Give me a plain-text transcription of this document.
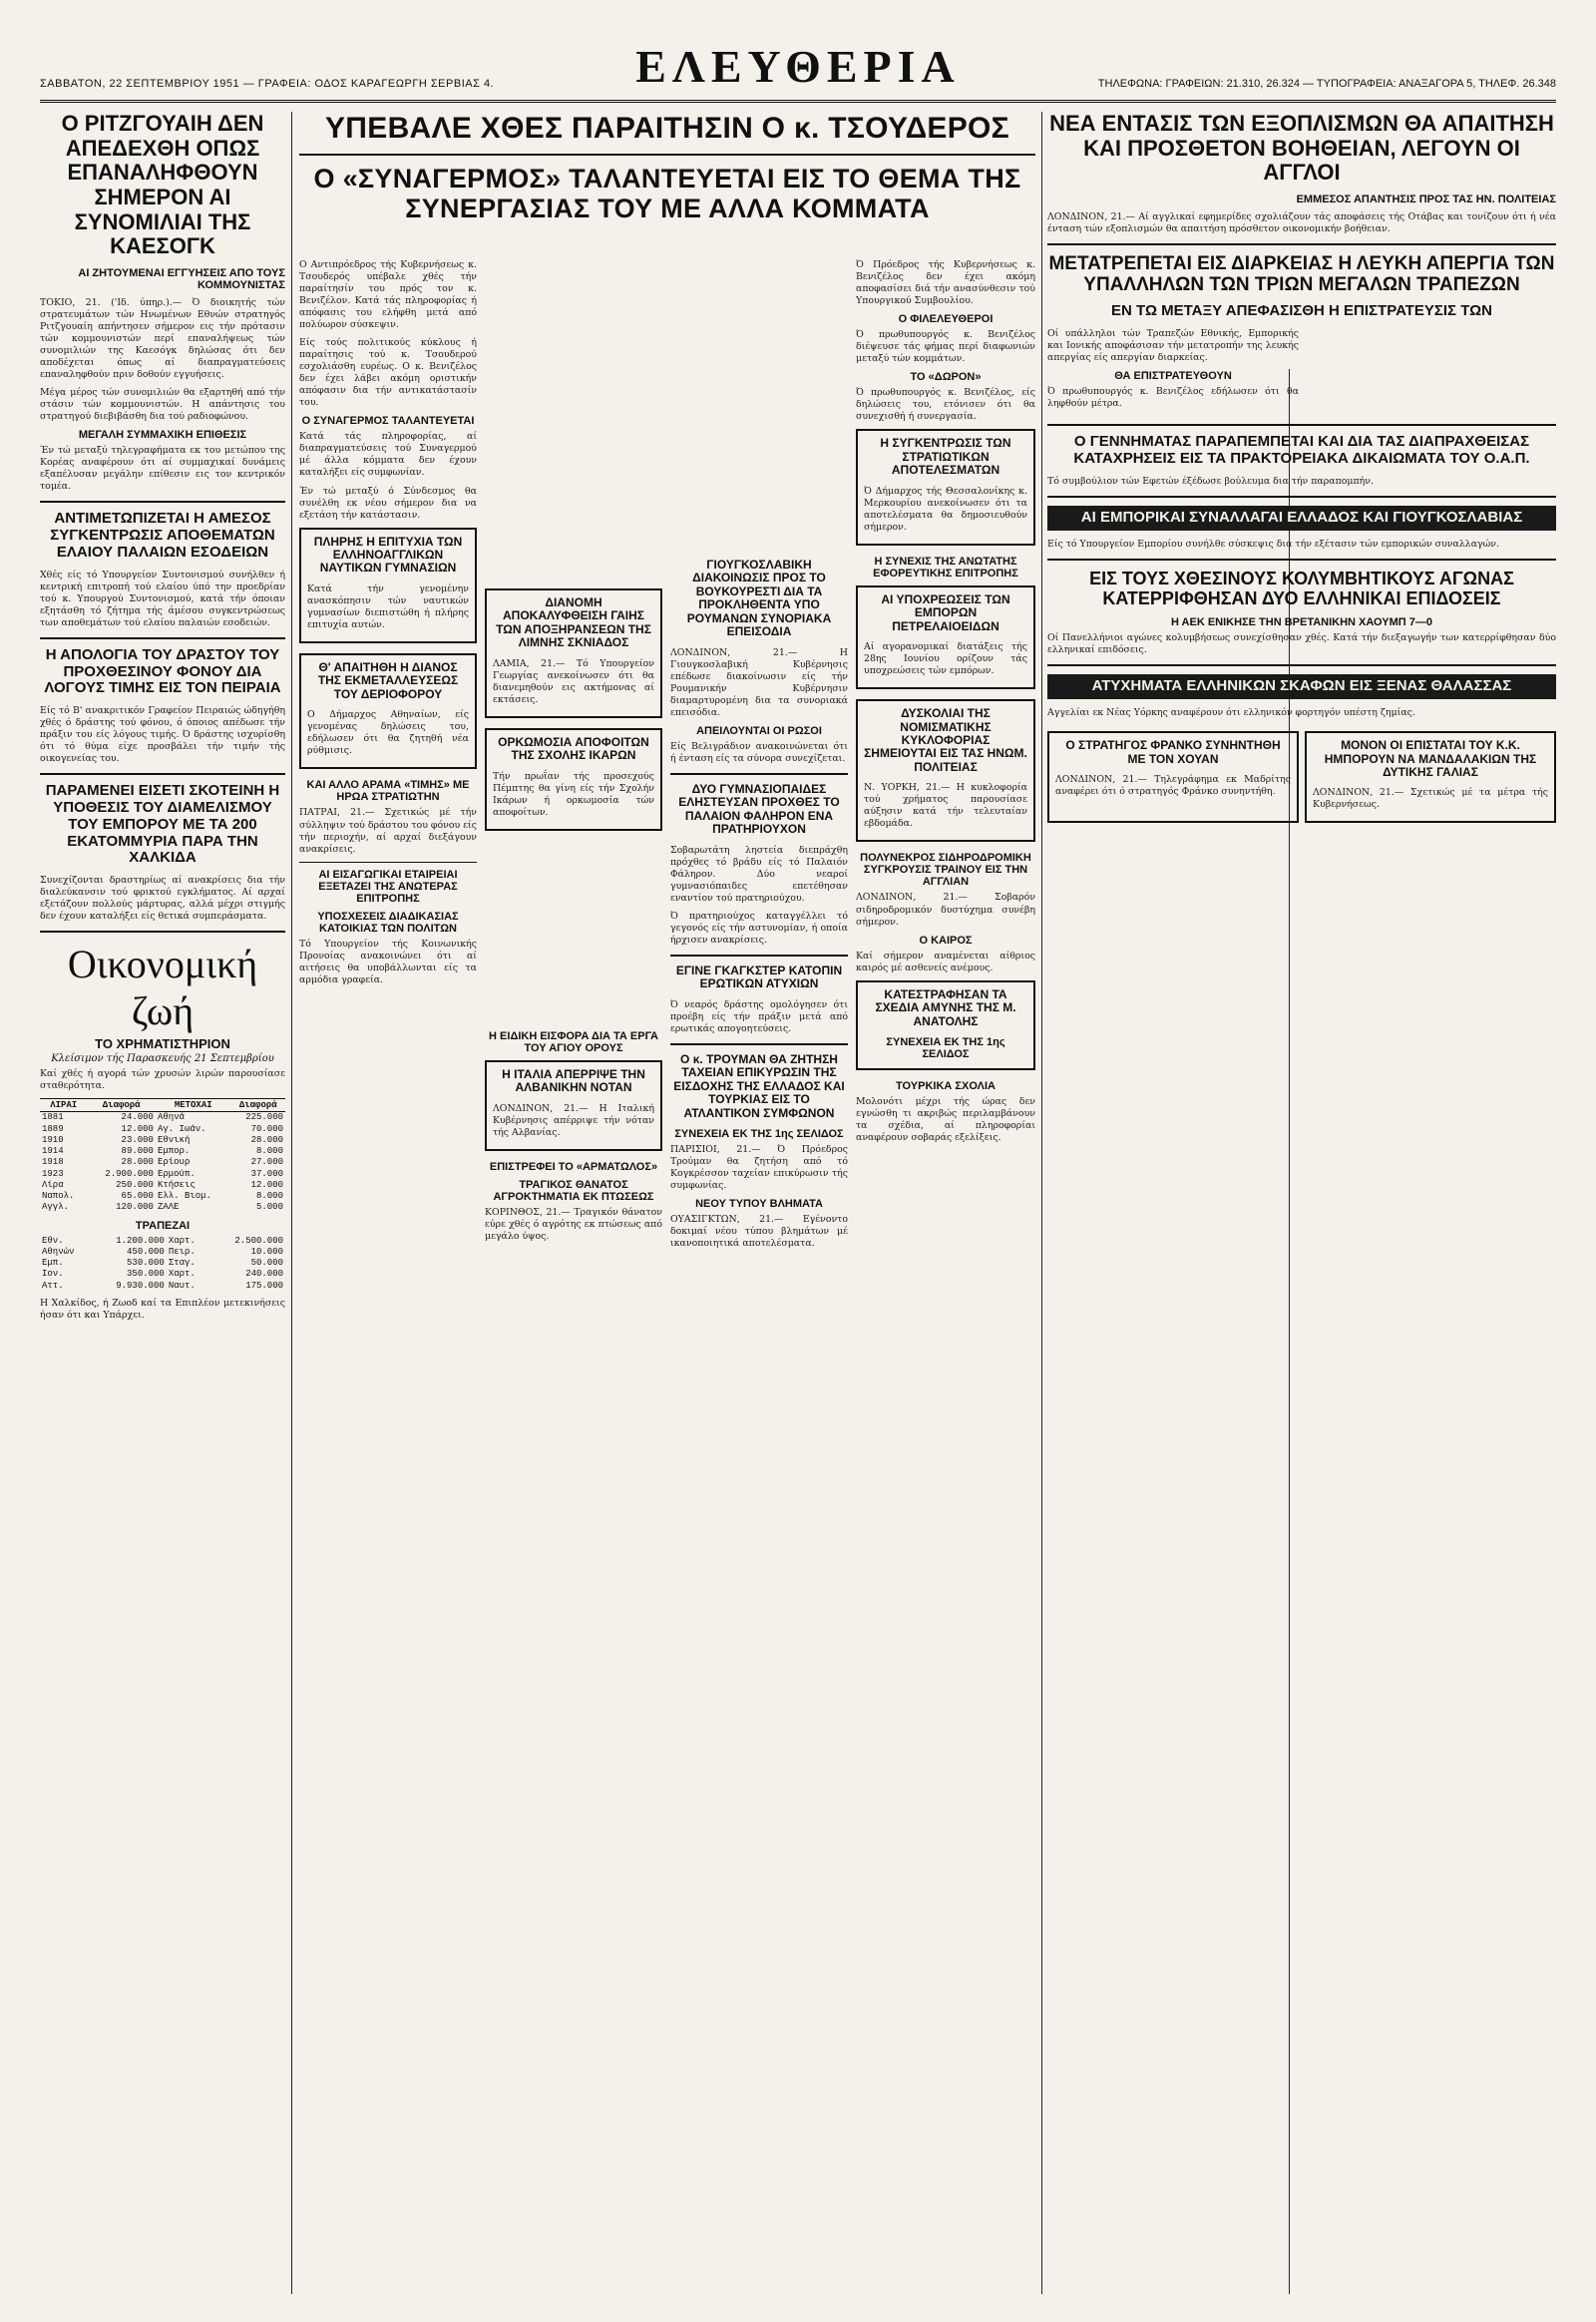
ΣΑΒΒΑΤΟΝ, 22 ΣΕΠΤΕΜΒΡΙΟΥ 1951 — ΓΡΑΦΕΙΑ: ΟΔΟΣ ΚΑΡΑΓΕΩΡΓΗ ΣΕΡΒΙΑΣ 4.	ΕΛΕΥΘΕΡΙΑ	ΤΗΛΕΦΩΝΑ: ΓΡΑΦΕΙΩΝ: 21.310, 26.324 — ΤΥΠΟΓΡΑΦΕΙΑ: ΑΝΑΞΑΓΟΡΑ 5, ΤΗΛΕΦ. 26.348
Ο ΡΙΤΖΓΟΥΑΙΗ ΔΕΝ ΑΠΕΔΕΧΘΗ ΟΠΩΣ ΕΠΑΝΑΛΗΦΘΟΥΝ ΣΗΜΕΡΟΝ ΑΙ ΣΥΝΟΜΙΛΙΑΙ ΤΗΣ ΚΑΕΣΟΓΚ
ΑΙ ΖΗΤΟΥΜΕΝΑΙ ΕΓΓΥΗΣΕΙΣ ΑΠΟ ΤΟΥΣ ΚΟΜΜΟΥΝΙΣΤΑΣ

ΤΟΚΙΟ, 21. ('Ιδ. ύπηρ.).— Ό διοικητής τών στρατευμάτων τών Ηνωμένων Εθνών στρατηγός Ριτζγουαίη απήντησεν σήμερον εις τήν πρότασιν τών κομμουνιστών περί επαναλήψεως τών συνομιλιών της Καεσόγκ δηλώσας ότι δεν αποδέχεται όπως αί διαπραγματεύσεις επαναληφθούν πριν δοθούν εγγυήσεις.

Μέγα μέρος τών συνομιλιών θα εξαρτηθή από τήν στάσιν τών κομμουνιστών. Η απάντησις του στρατηγού διεβιβάσθη δια τού ραδιοφώνου.

ΜΕΓΑΛΗ ΣΥΜΜΑΧΙΚΗ ΕΠΙΘΕΣΙΣ

Έν τώ μεταξύ τηλεγραφήματα εκ του μετώπου της Κορέας αναφέρουν ότι αί συμμαχικαί δυνάμεις εξαπέλυσαν μεγάλην επίθεσιν εις τον κεντρικόν τομέα.

ΑΝΤΙΜΕΤΩΠΙΖΕΤΑΙ Η ΑΜΕΣΟΣ ΣΥΓΚΕΝΤΡΩΣΙΣ ΑΠΟΘΕΜΑΤΩΝ ΕΛΑΙΟΥ ΠΑΛΑΙΩΝ ΕΣΟΔΕΙΩΝ

Χθές είς τό Υπουργείον Συντονισμού συνήλθεν ή κεντρική επιτροπή τού ελαίου ύπό την προεδρίαν τού κ. Υπουργού Συντονισμού, κατά τήν όποιαν εξητάσθη τό ζήτημα τής άμέσου συγκεντρώσεως των αποθεμάτων τού ελαίου παλαιών εσοδειών.

Η ΑΠΟΛΟΓΙΑ ΤΟΥ ΔΡΑΣΤΟΥ ΤΟΥ ΠΡΟΧΘΕΣΙΝΟΥ ΦΟΝΟΥ ΔΙΑ ΛΟΓΟΥΣ ΤΙΜΗΣ ΕΙΣ ΤΟΝ ΠΕΙΡΑΙΑ

Είς τό Β' ανακριτικόν Γραφείον Πειραιώς ώδηγήθη χθές ό δράστης τού φόνου, ό όποιος απέδωσε τήν πράξιν του είς λόγους τιμής. Ό δράστης ισχυρίσθη ότι τό θύμα είχε προσβάλει τήν τιμήν τής οικογενείας του.

ΠΑΡΑΜΕΝΕΙ ΕΙΣΕΤΙ ΣΚΟΤΕΙΝΗ Η ΥΠΟΘΕΣΙΣ ΤΟΥ ΔΙΑΜΕΛΙΣΜΟΥ ΤΟΥ ΕΜΠΟΡΟΥ ΜΕ ΤΑ 200 ΕΚΑΤΟΜΜΥΡΙΑ ΠΑΡΑ ΤΗΝ ΧΑΛΚΙΔΑ

Συνεχίζονται δραστηρίως αί ανακρίσεις δια τήν διαλεύκανσιν τού φρικτού εγκλήματος. Αί αρχαί εξετάζουν πολλούς μάρτυρας, αλλά μέχρι στιγμής δεν έχουν καταλήξει είς θετικά συμπεράσματα.

Οικονομική ζωή
ΤΟ ΧΡΗΜΑΤΙΣΤΗΡΙΟΝ
Κλείσιμον τής Παρασκευής 21 Σεπτεμβρίου

Καί χθές ή αγορά τών χρυσών λιρών παρουσίασε σταθερότητα.

ΛΙΡΑΙ	Διαφορά	ΜΕΤΟΧΑΙ	Διαφορά
1881	24.000	Αθηνά	225.000
1889	12.000	Αγ. Ιωάν.	70.000
1910	23.000	Εθνική	28.000
1914	89.000	Εμπορ.	8.000
1918	28.000	Ερίουρ	27.000
1923	2.900.000	Ερμούπ.	37.000
Λίρα	250.000	Κτήσεις	12.000
Ναπολ.	65.000	Ελλ. Βιομ.	8.000
Αγγλ.	120.000	ΖΑΛΕ	5.000
ΤΡΑΠΕΖΑΙ
Εθν.	1.200.000	Χαρτ.	2.500.000
Αθηνών	450.000	Πειρ.	10.000
Εμπ.	530.000	Σταγ.	50.000
Ιον.	350.000	Χαρτ.	240.000
Αττ.	9.930.000	Ναυτ.	175.000

Η Χαλκίδος, ή Ζωοδ καί τα Επιπλέον μετεκινήσεις ήσαν ότι και Υπάρχει.

ΥΠΕΒΑΛΕ ΧΘΕΣ ΠΑΡΑΙΤΗΣΙΝ Ο κ. ΤΣΟΥΔΕΡΟΣ
Ο «ΣΥΝΑΓΕΡΜΟΣ» ΤΑΛΑΝΤΕΥΕΤΑΙ ΕΙΣ ΤΟ ΘΕΜΑ ΤΗΣ ΣΥΝΕΡΓΑΣΙΑΣ ΤΟΥ ΜΕ ΑΛΛΑ ΚΟΜΜΑΤΑ

Ο Αντιπρόεδρος τής Κυβερνήσεως κ. Τσουδερός υπέβαλε χθές τήν παραίτησίν του πρός τον κ. Βενιζέλον. Κατά τάς πληροφορίας ή απόφασις του ελήφθη μετά από πολύωρον σύσκεψιν.

Είς τούς πολιτικούς κύκλους ή παραίτησις τού κ. Τσουδερού εσχολιάσθη ευρέως. Ο κ. Βενιζέλος δεν έχει λάβει ακόμη οριστικήν απόφασιν δια τήν αντικατάστασίν του.

Ο ΣΥΝΑΓΕΡΜΟΣ ΤΑΛΑΝΤΕΥΕΤΑΙ

Κατά τάς πληροφορίας, αί διαπραγματεύσεις τού Συναγερμού μέ άλλα κόμματα δεν έχουν καταλήξει είς συμφωνίαν.

Έν τώ μεταξύ ό Σύνδεσμος θα συνέλθη εκ νέου σήμερον δια να εξετάση τήν κατάστασιν.

ΠΛΗΡΗΣ Η ΕΠΙΤΥΧΙΑ ΤΩΝ ΕΛΛΗΝΟΑΓΓΛΙΚΩΝ ΝΑΥΤΙΚΩΝ ΓΥΜΝΑΣΙΩΝ

Κατά τήν γενομένην ανασκόπησιν τών ναυτικών γυμνασίων διεπιστώθη ή πλήρης επιτυχία αυτών.

Θ' ΑΠΑΙΤΗΘΗ Η ΔΙΑΝΟΣ ΤΗΣ ΕΚΜΕΤΑΛΛΕΥΣΕΩΣ ΤΟΥ ΔΕΡΙΟΦΟΡΟΥ

Ο Δήμαρχος Αθηναίων, είς γενομένας δηλώσεις του, εδήλωσεν ότι θα ζητηθή νέα ρύθμισις.

ΚΑΙ ΑΛΛΟ ΑΡΑΜΑ «ΤΙΜΗΣ» ΜΕ ΗΡΩΑ ΣΤΡΑΤΙΩΤΗΝ

ΠΑΤΡΑΙ, 21.— Σχετικώς μέ τήν σύλληψιν τού δράστου του φόνου είς τήν περιοχήν, αί αρχαί διεξάγουν ανακρίσεις.

ΑΙ ΕΙΣΑΓΩΓΙΚΑΙ ΕΤΑΙΡΕΙΑΙ ΕΞΕΤΑΖΕΙ ΤΗΣ ΑΝΩΤΕΡΑΣ ΕΠΙΤΡΟΠΗΣ
ΥΠΟΣΧΕΣΕΙΣ ΔΙΑΔΙΚΑΣΙΑΣ ΚΑΤΟΙΚΙΑΣ ΤΩΝ ΠΟΛΙΤΩΝ

Τό Υπουργείον τής Κοινωνικής Προνοίας ανακοινώνει ότι αί αιτήσεις θα υποβάλλωνται είς τα αρμόδια γραφεία.

ΔΙΑΝΟΜΗ ΑΠΟΚΑΛΥΦΘΕΙΣΗ ΓΑΙΗΣ ΤΩΝ ΑΠΟΞΗΡΑΝΣΕΩΝ ΤΗΣ ΛΙΜΝΗΣ ΣΚΝΙΑΔΟΣ

ΛΑΜΙΑ, 21.— Τό Υπουργείον Γεωργίας ανεκοίνωσεν ότι θα διανεμηθούν εις ακτήμονας αί εκτάσεις.

ΟΡΚΩΜΟΣΙΑ ΑΠΟΦΟΙΤΩΝ ΤΗΣ ΣΧΟΛΗΣ ΙΚΑΡΩΝ

Τήν πρωΐαν τής προσεχούς Πέμπτης θα γίνη είς τήν Σχολήν Ικάρων ή ορκωμοσία τών αποφοίτων.

Η ΕΙΔΙΚΗ ΕΙΣΦΟΡΑ ΔΙΑ ΤΑ ΕΡΓΑ ΤΟΥ ΑΓΙΟΥ ΟΡΟΥΣ
Η ΙΤΑΛΙΑ ΑΠΕΡΡΙΨΕ ΤΗΝ ΑΛΒΑΝΙΚΗΝ ΝΟΤΑΝ

ΛΟΝΔΙΝΟΝ, 21.— Η Ιταλική Κυβέρνησις απέρριψε τήν νόταν τής Αλβανίας.

ΕΠΙΣΤΡΕΦΕΙ ΤΟ «ΑΡΜΑΤΩΛΟΣ»
ΤΡΑΓΙΚΟΣ ΘΑΝΑΤΟΣ ΑΓΡΟΚΤΗΜΑΤΙΑ ΕΚ ΠΤΩΣΕΩΣ

ΚΟΡΙΝΘΟΣ, 21.— Τραγικόν θάνατον εύρε χθές ό αγρότης εκ πτώσεως από μεγάλο ύψος.

ΓΙΟΥΓΚΟΣΛΑΒΙΚΗ ΔΙΑΚΟΙΝΩΣΙΣ ΠΡΟΣ ΤΟ ΒΟΥΚΟΥΡΕΣΤΙ ΔΙΑ ΤΑ ΠΡΟΚΛΗΘΕΝΤΑ ΥΠΟ ΡΟΥΜΑΝΩΝ ΣΥΝΟΡΙΑΚΑ ΕΠΕΙΣΟΔΙΑ

ΛΟΝΔΙΝΟΝ, 21.— Η Γιουγκοσλαβική Κυβέρνησις επέδωσε διακοίνωσιν είς τήν Ρουμανικήν Κυβέρνησιν διαμαρτυρομένη δια τα συνοριακά επεισόδια.

ΑΠΕΙΛΟΥΝΤΑΙ ΟΙ ΡΩΣΟΙ

Είς Βελιγράδιον ανακοινώνεται ότι ή ένταση είς τα σύνορα συνεχίζεται.

ΔΥΟ ΓΥΜΝΑΣΙΟΠΑΙΔΕΣ ΕΛΗΣΤΕΥΣΑΝ ΠΡΟΧΘΕΣ ΤΟ ΠΑΛΑΙΟΝ ΦΑΛΗΡΟΝ ΕΝΑ ΠΡΑΤΗΡΙΟΥΧΟΝ

Σοβαρωτάτη ληστεία διεπράχθη πρόχθες τό βράδυ είς τό Παλαιόν Φάληρον. Δύο νεαροί γυμνασιόπαιδες επετέθησαν εναντίον τού πρατηριούχου.

Ό πρατηριούχος καταγγέλλει τό γεγονός είς τήν αστυνομίαν, ή οποία ήρχισεν ανακρίσεις.

ΕΓΙΝΕ ΓΚΑΓΚΣΤΕΡ ΚΑΤΟΠΙΝ ΕΡΩΤΙΚΩΝ ΑΤΥΧΙΩΝ

Ό νεαρός δράστης ομολόγησεν ότι προέβη είς τήν πράξιν μετά από ερωτικάς απογοητεύσεις.

Ο κ. ΤΡΟΥΜΑΝ ΘΑ ΖΗΤΗΣΗ ΤΑΧΕΙΑΝ ΕΠΙΚΥΡΩΣΙΝ ΤΗΣ ΕΙΣΔΟΧΗΣ ΤΗΣ ΕΛΛΑΔΟΣ ΚΑΙ ΤΟΥΡΚΙΑΣ ΕΙΣ ΤΟ ΑΤΛΑΝΤΙΚΟΝ ΣΥΜΦΩΝΟΝ
ΣΥΝΕΧΕΙΑ ΕΚ ΤΗΣ 1ης ΣΕΛΙΔΟΣ

ΠΑΡΙΣΙΟΙ, 21.— Ό Πρόεδρος Τρούμαν θα ζητήση από τό Κογκρέσσον ταχείαν επικύρωσιν τής συμφωνίας.

ΝΕΟΥ ΤΥΠΟΥ ΒΛΗΜΑΤΑ

ΟΥΑΣΙΓΚΤΩΝ, 21.— Εγένοντο δοκιμαί νέου τύπου βλημάτων μέ ικανοποιητικά αποτελέσματα.

Ό Πρόεδρος τής Κυβερνήσεως κ. Βενιζέλος δεν έχει ακόμη αποφασίσει διά τήν ανασύνθεσιν τού Υπουργικού Συμβουλίου.

Ο ΦΙΛΕΛΕΥΘΕΡΟΙ

Ό πρωθυπουργός κ. Βενιζέλος διέψευσε τάς φήμας περί διαφωνιών μεταξύ τών κομμάτων.

ΤΟ «ΔΩΡΟΝ»

Ό πρωθυπουργός κ. Βενιζέλος, είς δηλώσεις του, ετόνισεν ότι θα συνεχισθή ή συνεργασία.

Η ΣΥΓΚΕΝΤΡΩΣΙΣ ΤΩΝ ΣΤΡΑΤΙΩΤΙΚΩΝ ΑΠΟΤΕΛΕΣΜΑΤΩΝ

Ό Δήμαρχος τής Θεσσαλονίκης κ. Μερκουρίου ανεκοίνωσεν ότι τα αποτελέσματα θα δημοσιευθούν σήμερον.

Η ΣΥΝΕΧΙΣ ΤΗΣ ΑΝΩΤΑΤΗΣ ΕΦΟΡΕΥΤΙΚΗΣ ΕΠΙΤΡΟΠΗΣ
ΑΙ ΥΠΟΧΡΕΩΣΕΙΣ ΤΩΝ ΕΜΠΟΡΩΝ ΠΕΤΡΕΛΑΙΟΕΙΔΩΝ

Αί αγορανομικαί διατάξεις τής 28ης Ιουνίου ορίζουν τάς υποχρεώσεις τών εμπόρων.

ΔΥΣΚΟΛΙΑΙ ΤΗΣ ΝΟΜΙΣΜΑΤΙΚΗΣ ΚΥΚΛΟΦΟΡΙΑΣ ΣΗΜΕΙΟΥΤΑΙ ΕΙΣ ΤΑΣ ΗΝΩΜ. ΠΟΛΙΤΕΙΑΣ

Ν. ΥΟΡΚΗ, 21.— Η κυκλοφορία τού χρήματος παρουσίασε αύξησιν κατά τήν τελευταίαν εβδομάδα.

ΠΟΛΥΝΕΚΡΟΣ ΣΙΔΗΡΟΔΡΟΜΙΚΗ ΣΥΓΚΡΟΥΣΙΣ ΤΡΑΙΝΟΥ ΕΙΣ ΤΗΝ ΑΓΓΛΙΑΝ

ΛΟΝΔΙΝΟΝ, 21.— Σοβαρόν σιδηροδρομικόν δυστύχημα συνέβη σήμερον.

Ο ΚΑΙΡΟΣ

Καί σήμερον αναμένεται αίθριος καιρός μέ ασθενείς ανέμους.

ΚΑΤΕΣΤΡΑΦΗΣΑΝ ΤΑ ΣΧΕΔΙΑ ΑΜΥΝΗΣ ΤΗΣ Μ. ΑΝΑΤΟΛΗΣ
ΣΥΝΕΧΕΙΑ ΕΚ ΤΗΣ 1ης ΣΕΛΙΔΟΣ
ΤΟΥΡΚΙΚΑ ΣΧΟΛΙΑ

Μολονότι μέχρι τής ώρας δεν εγνώσθη τι ακριβώς περιλαμβάνουν τα σχέδια, αί πληροφορίαι αναφέρουν σοβαράς εξελίξεις.

ΝΕΑ ΕΝΤΑΣΙΣ ΤΩΝ ΕΞΟΠΛΙΣΜΩΝ ΘΑ ΑΠΑΙΤΗΣΗ ΚΑΙ ΠΡΟΣΘΕΤΟΝ ΒΟΗΘΕΙΑΝ, ΛΕΓΟΥΝ ΟΙ ΑΓΓΛΟΙ
ΕΜΜΕΣΟΣ ΑΠΑΝΤΗΣΙΣ ΠΡΟΣ ΤΑΣ ΗΝ. ΠΟΛΙΤΕΙΑΣ

ΛΟΝΔΙΝΟΝ, 21.— Αί αγγλικαί εφημερίδες σχολιάζουν τάς αποφάσεις τής Οτάβας και τονίζουν ότι ή νέα ένταση τών εξοπλισμών θα απαιτήση πρόσθετον οικονομικήν βοήθειαν.

ΜΕΤΑΤΡΕΠΕΤΑΙ ΕΙΣ ΔΙΑΡΚΕΙΑΣ Η ΛΕΥΚΗ ΑΠΕΡΓΙΑ ΤΩΝ ΥΠΑΛΛΗΛΩΝ ΤΩΝ ΤΡΙΩΝ ΜΕΓΑΛΩΝ ΤΡΑΠΕΖΩΝ
ΕΝ ΤΩ ΜΕΤΑΞΥ ΑΠΕΦΑΣΙΣΘΗ Η ΕΠΙΣΤΡΑΤΕΥΣΙΣ ΤΩΝ

Οί υπάλληλοι τών Τραπεζών Εθνικής, Εμπορικής και Ιονικής αποφάσισαν τήν μετατροπήν της λευκής απεργίας είς απεργίαν διαρκείας.

ΘΑ ΕΠΙΣΤΡΑΤΕΥΘΟΥΝ

Ό πρωθυπουργός κ. Βενιζέλος εδήλωσεν ότι θα ληφθούν μέτρα.

Ο ΓΕΝΝΗΜΑΤΑΣ ΠΑΡΑΠΕΜΠΕΤΑΙ ΚΑΙ ΔΙΑ ΤΑΣ ΔΙΑΠΡΑΧΘΕΙΣΑΣ ΚΑΤΑΧΡΗΣΕΙΣ ΕΙΣ ΤΑ ΠΡΑΚΤΟΡΕΙΑΚΑ ΔΙΚΑΙΩΜΑΤΑ ΤΟΥ Ο.Α.Π.

Τό συμβούλιον τών Εφετών έξέδωσε βούλευμα δια τήν παραπομπήν.

ΑΙ ΕΜΠΟΡΙΚΑΙ ΣΥΝΑΛΛΑΓΑΙ ΕΛΛΑΔΟΣ ΚΑΙ ΓΙΟΥΓΚΟΣΛΑΒΙΑΣ

Είς τό Υπουργείον Εμπορίου συνήλθε σύσκεψις δια τήν εξέτασιν τών εμπορικών συναλλαγών.

ΕΙΣ ΤΟΥΣ ΧΘΕΣΙΝΟΥΣ ΚΟΛΥΜΒΗΤΙΚΟΥΣ ΑΓΩΝΑΣ ΚΑΤΕΡΡΙΦΘΗΣΑΝ ΔΥΟ ΕΛΛΗΝΙΚΑΙ ΕΠΙΔΟΣΕΙΣ
Η ΑΕΚ ΕΝΙΚΗΣΕ ΤΗΝ ΒΡΕΤΑΝΙΚΗΝ ΧΑΟΥΜΠ 7—0

Οί Πανελλήνιοι αγώνες κολυμβήσεως συνεχίσθησαν χθές. Κατά τήν διεξαγωγήν των κατερρίφθησαν δύο ελληνικαί επιδόσεις.

ΑΤΥΧΗΜΑΤΑ ΕΛΛΗΝΙΚΩΝ ΣΚΑΦΩΝ ΕΙΣ ΞΕΝΑΣ ΘΑΛΑΣΣΑΣ

Αγγελίαι εκ Νέας Υόρκης αναφέρουν ότι ελληνικόν φορτηγόν υπέστη ζημίας.

Ο ΣΤΡΑΤΗΓΟΣ ΦΡΑΝΚΟ ΣΥΝΗΝΤΗΘΗ ΜΕ ΤΟΝ ΧΟΥΑΝ

ΛΟΝΔΙΝΟΝ, 21.— Τηλεγράφημα εκ Μαδρίτης αναφέρει ότι ό στρατηγός Φράνκο συνηντήθη.

ΜΟΝΟΝ ΟΙ ΕΠΙΣΤΑΤΑΙ ΤΟΥ Κ.Κ. ΗΜΠΟΡΟΥΝ ΝΑ ΜΑΝΔΑΛΑΚΙΩΝ ΤΗΣ ΔΥΤΙΚΗΣ ΓΑΛΙΑΣ

ΛΟΝΔΙΝΟΝ, 21.— Σχετικώς μέ τα μέτρα τής Κυβερνήσεως.
